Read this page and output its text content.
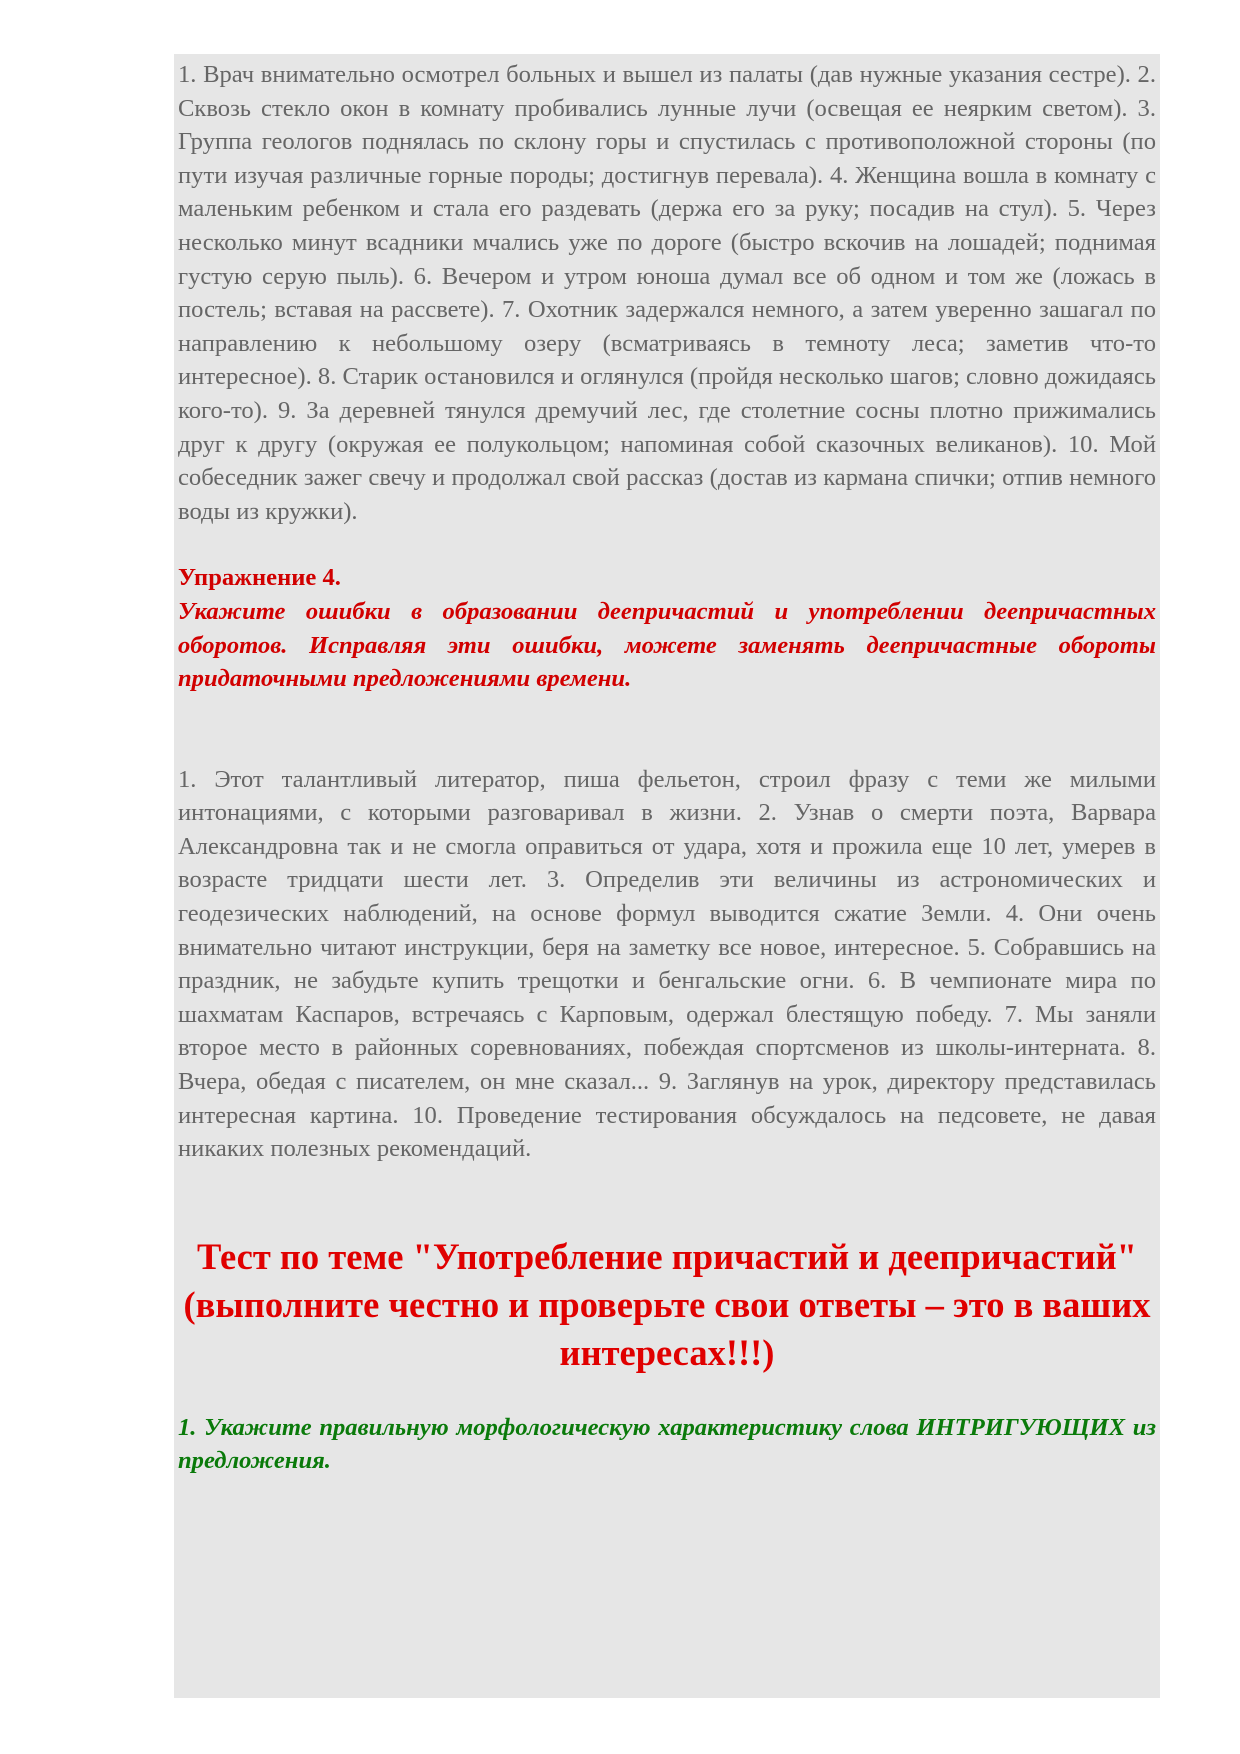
1. Врач внимательно осмотрел больных и вышел из палаты (дав нужные указания сестре). 2. Сквозь стекло окон в комнату пробивались лунные лучи (освещая ее неярким светом). 3. Группа геологов поднялась по склону горы и спустилась с противоположной стороны (по пути изучая различные горные породы; достигнув перевала). 4. Женщина вошла в комнату с маленьким ребенком и стала его раздевать (держа его за руку; посадив на стул). 5. Через несколько минут всадники мчались уже по дороге (быстро вскочив на лошадей; поднимая густую серую пыль). 6. Вечером и утром юноша думал все об одном и том же (ложась в постель; вставая на рассвете). 7. Охотник задержался немного, а затем уверенно зашагал по направлению к небольшому озеру (всматриваясь в темноту леса; заметив что-то интересное). 8. Старик остановился и оглянулся (пройдя несколько шагов; словно дожидаясь кого-то). 9. За деревней тянулся дремучий лес, где столетние сосны плотно прижимались друг к другу (окружая ее полукольцом; напоминая собой сказочных великанов). 10. Мой собеседник зажег свечу и продолжал свой рассказ (достав из кармана спички; отпив немного воды из кружки).

Упражнение 4.

Укажите ошибки в образовании деепричастий и употреблении деепричастных оборотов. Исправляя эти ошибки, можете заменять деепричастные обороты придаточными предложениями времени.

1. Этот талантливый литератор, пиша фельетон, строил фразу с теми же милыми интонациями, с которыми разговаривал в жизни. 2. Узнав о смерти поэта, Варвара Александровна так и не смогла оправиться от удара, хотя и прожила еще 10 лет, умерев в возрасте тридцати шести лет. 3. Определив эти величины из астрономических и геодезических наблюдений, на основе формул выводится сжатие Земли. 4. Они очень внимательно читают инструкции, беря на заметку все новое, интересное. 5. Собравшись на праздник, не забудьте купить трещотки и бенгальские огни. 6. В чемпионате мира по шахматам Каспаров, встречаясь с Карповым, одержал блестящую победу. 7. Мы заняли второе место в районных соревнованиях, побеждая спортсменов из школы-интерната. 8. Вчера, обедая с писателем, он мне сказал... 9. Заглянув на урок, директору представилась интересная картина. 10. Проведение тестирования обсуждалось на педсовете, не давая никаких полезных рекомендаций.

Тест по теме "Употребление причастий и деепричастий" (выполните честно и проверьте свои ответы – это в ваших интересах!!!)

1. Укажите правильную морфологическую характеристику слова ИНТРИГУЮЩИХ из предложения.
